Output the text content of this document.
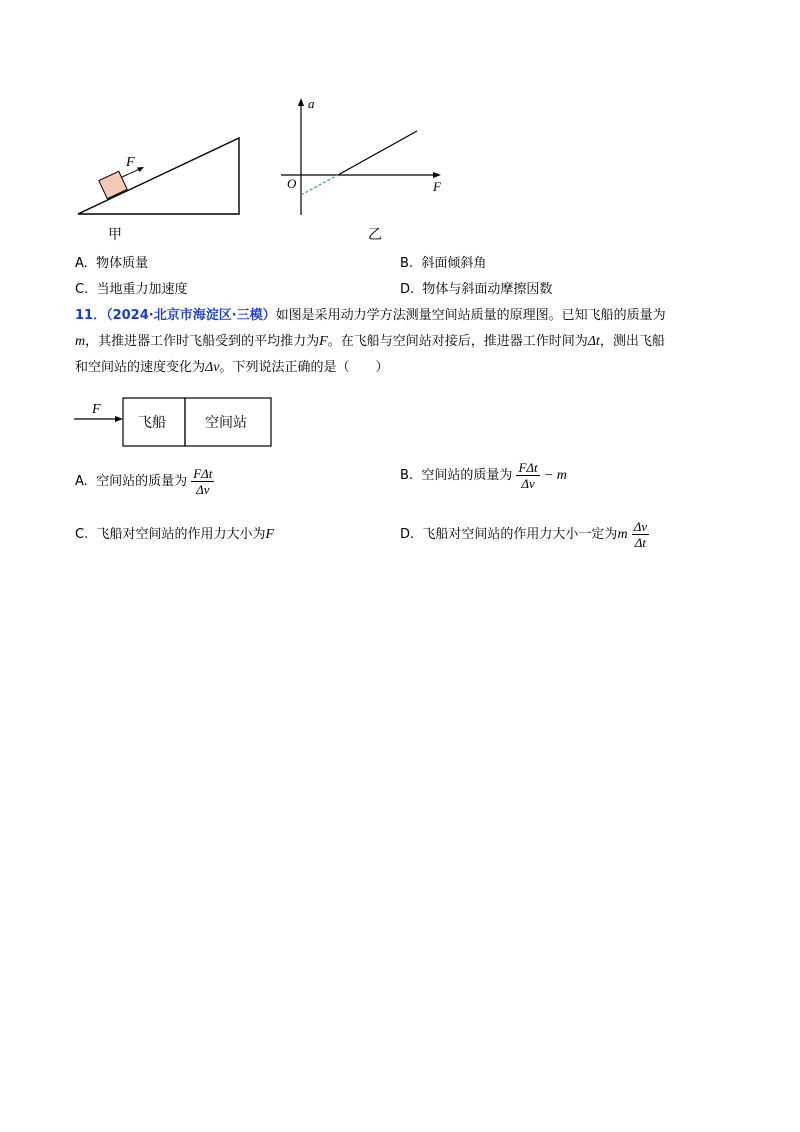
F
甲
a
F
O
乙
A. 物体质量	B. 斜面倾斜角
C. 当地重力加速度	D. 物体与斜面动摩擦因数
11．（2024·北京市海淀区·三模）如图是采用动力学方法测量空间站质量的原理图。已知飞船的质量为
m，其推进器工作时飞船受到的平均推力为F。在飞船与空间站对接后，推进器工作时间为Δt，测出飞船
和空间站的速度变化为Δv。下列说法正确的是（　　）
F
飞船	空间站
A. 空间站的质量为 $\frac{\text{FΔt}}{\Delta v}$	B. 空间站的质量为 $\frac{\text{FΔt}}{\Delta v} - m$
C. 飞船对空间站的作用力大小为F	D. 飞船对空间站的作用力大小一定为m $\frac{\Delta v}{\Delta t}$
